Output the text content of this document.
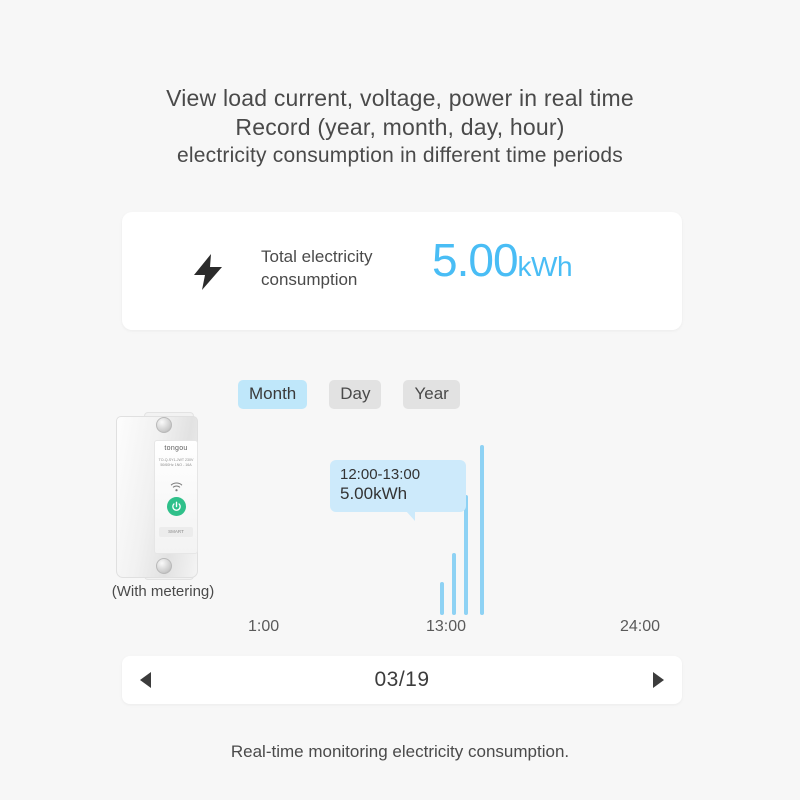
View load current, voltage, power in real time
Record (year, month, day, hour)
electricity consumption in different time periods
Total electricity consumption	5.00kWh
Month	Day	Year
tongou
TO-Q-SY1-JWT 230V 50/60Hz 1NO - 16A
SMART
(With metering)
12:00-13:00
5.00kWh
1:00	13:00	24:00
03/19
Real-time monitoring electricity consumption.
